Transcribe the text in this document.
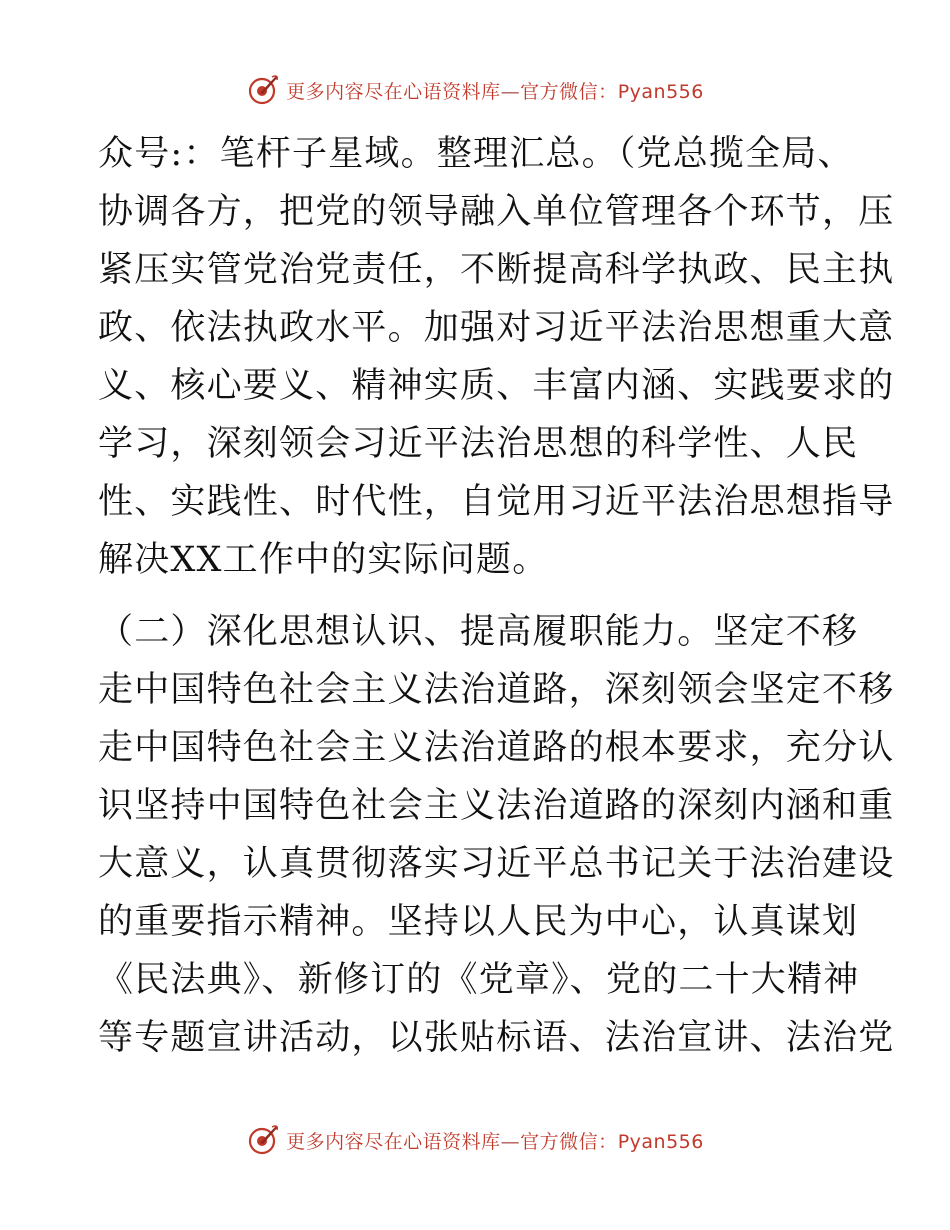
更多内容尽在心语资料库—官方微信：Pyan556
众号:：笔杆子星域。整理汇总。（党总揽全局、
协调各方，把党的领导融入单位管理各个环节，压
紧压实管党治党责任，不断提高科学执政、民主执
政、依法执政水平。加强对习近平法治思想重大意
义、核心要义、精神实质、丰富内涵、实践要求的
学习，深刻领会习近平法治思想的科学性、人民
性、实践性、时代性，自觉用习近平法治思想指导
解决XX工作中的实际问题。
（二）深化思想认识、提高履职能力。坚定不移
走中国特色社会主义法治道路，深刻领会坚定不移
走中国特色社会主义法治道路的根本要求，充分认
识坚持中国特色社会主义法治道路的深刻内涵和重
大意义，认真贯彻落实习近平总书记关于法治建设
的重要指示精神。坚持以人民为中心，认真谋划
《民法典》、新修订的《党章》、党的二十大精神
等专题宣讲活动，以张贴标语、法治宣讲、法治党
更多内容尽在心语资料库—官方微信：Pyan556
